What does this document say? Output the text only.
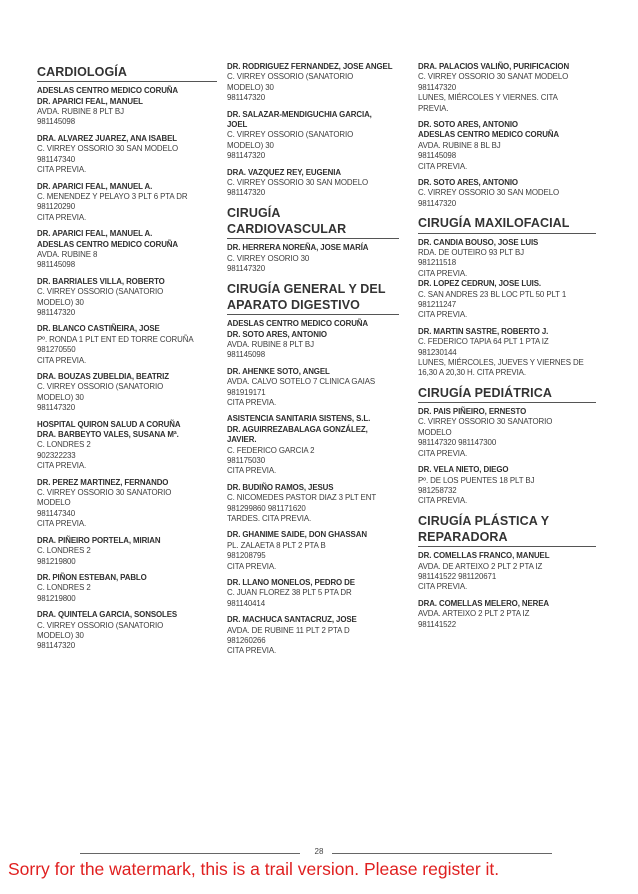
CARDIOLOGÍA
ADESLAS CENTRO MEDICO CORUÑA
DR. APARICI FEAL, MANUEL
AVDA. RUBINE 8 PLT BJ
981145098
DRA. ALVAREZ JUAREZ, ANA ISABEL
C. VIRREY OSSORIO 30 SAN MODELO
981147340
CITA PREVIA.
DR. APARICI FEAL, MANUEL A.
C. MENENDEZ Y PELAYO 3 PLT 6 PTA DR
981120290
CITA PREVIA.
DR. APARICI FEAL, MANUEL A.
ADESLAS CENTRO MEDICO CORUÑA
AVDA. RUBINE 8
981145098
DR. BARRIALES VILLA, ROBERTO
C. VIRREY OSSORIO (SANATORIO
MODELO) 30
981147320
DR. BLANCO CASTIÑEIRA, JOSE
Pº. RONDA 1 PLT ENT ED TORRE CORUÑA
981270550
CITA PREVIA.
DRA. BOUZAS ZUBELDIA, BEATRIZ
C. VIRREY OSSORIO (SANATORIO
MODELO) 30
981147320
HOSPITAL QUIRON SALUD A CORUÑA
DRA. BARBEYTO VALES, SUSANA Mª.
C. LONDRES 2
902322233
CITA PREVIA.
DR. PEREZ MARTINEZ, FERNANDO
C. VIRREY OSSORIO 30 SANATORIO
MODELO
981147340
CITA PREVIA.
DRA. PIÑEIRO PORTELA, MIRIAN
C. LONDRES 2
981219800
DR. PIÑON ESTEBAN, PABLO
C. LONDRES 2
981219800
DRA. QUINTELA GARCIA, SONSOLES
C. VIRREY OSSORIO (SANATORIO
MODELO) 30
981147320
DR. RODRIGUEZ FERNANDEZ, JOSE ANGEL
C. VIRREY OSSORIO (SANATORIO
MODELO) 30
981147320
DR. SALAZAR-MENDIGUCHIA GARCIA,
JOEL
C. VIRREY OSSORIO (SANATORIO
MODELO) 30
981147320
DRA. VAZQUEZ REY, EUGENIA
C. VIRREY OSSORIO 30 SAN MODELO
981147320
CIRUGÍA CARDIOVASCULAR
DR. HERRERA NOREÑA, JOSE MARÍA
C. VIRREY OSORIO 30
981147320
CIRUGÍA GENERAL Y DEL APARATO DIGESTIVO
ADESLAS CENTRO MEDICO CORUÑA
DR. SOTO ARES, ANTONIO
AVDA. RUBINE 8 PLT BJ
981145098
DR. AHENKE SOTO, ANGEL
AVDA. CALVO SOTELO 7 CLINICA GAIAS
981919171
CITA PREVIA.
ASISTENCIA SANITARIA SISTENS, S.L.
DR. AGUIRREZABALAGA GONZÁLEZ,
JAVIER.
C. FEDERICO GARCIA 2
981175030
CITA PREVIA.
DR. BUDIÑO RAMOS, JESUS
C. NICOMEDES PASTOR DIAZ 3 PLT ENT
981299860 981171620
TARDES. CITA PREVIA.
DR. GHANIME SAIDE, DON GHASSAN
PL. ZALAETA 8 PLT 2 PTA B
981208795
CITA PREVIA.
DR. LLANO MONELOS, PEDRO DE
C. JUAN FLOREZ 38 PLT 5 PTA DR
981140414
DR. MACHUCA SANTACRUZ, JOSE
AVDA. DE RUBINE 11 PLT 2 PTA D
981260266
CITA PREVIA.
DRA. PALACIOS VALIÑO, PURIFICACION
C. VIRREY OSSORIO 30 SANAT MODELO
981147320
LUNES, MIÉRCOLES Y VIERNES. CITA
PREVIA.
DR. SOTO ARES, ANTONIO
ADESLAS CENTRO MEDICO CORUÑA
AVDA. RUBINE 8 BL BJ
981145098
CITA PREVIA.
DR. SOTO ARES, ANTONIO
C. VIRREY OSSORIO 30 SAN MODELO
981147320
CIRUGÍA MAXILOFACIAL
DR. CANDIA BOUSO, JOSE LUIS
RDA. DE OUTEIRO 93 PLT BJ
981211518
CITA PREVIA.
DR. LOPEZ CEDRUN, JOSE LUIS.
C. SAN ANDRES 23 BL LOC PTL 50 PLT 1
981211247
CITA PREVIA.
DR. MARTIN SASTRE, ROBERTO J.
C. FEDERICO TAPIA 64 PLT 1 PTA IZ
981230144
LUNES, MIÉRCOLES, JUEVES Y VIERNES DE
16,30 A 20,30 H. CITA PREVIA.
CIRUGÍA PEDIÁTRICA
DR. PAIS PIÑEIRO, ERNESTO
C. VIRREY OSSORIO 30 SANATORIO
MODELO
981147320 981147300
CITA PREVIA.
DR. VELA NIETO, DIEGO
Pº. DE LOS PUENTES 18 PLT BJ
981258732
CITA PREVIA.
CIRUGÍA PLÁSTICA Y REPARADORA
DR. COMELLAS FRANCO, MANUEL
AVDA. DE ARTEIXO 2 PLT 2 PTA IZ
981141522 981120671
CITA PREVIA.
DRA. COMELLAS MELERO, NEREA
AVDA. ARTEIXO 2 PLT 2 PTA IZ
981141522
28
Sorry for the watermark, this is a trail version. Please register it.
